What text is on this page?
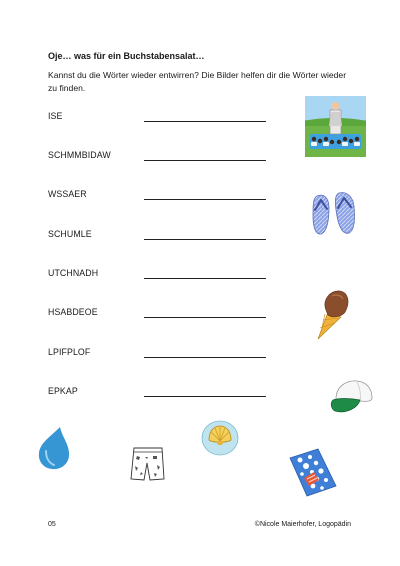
Oje… was für ein Buchstabensalat…
Kannst du die Wörter wieder entwirren? Die Bilder helfen dir die Wörter wieder zu finden.
ISE
SCHMMBIDAW
WSSAER
SCHUMLE
UTCHNADH
HSABDEOE
LPIFPLOF
EPKAP
05	©Nicole Maierhofer, Logopädin
